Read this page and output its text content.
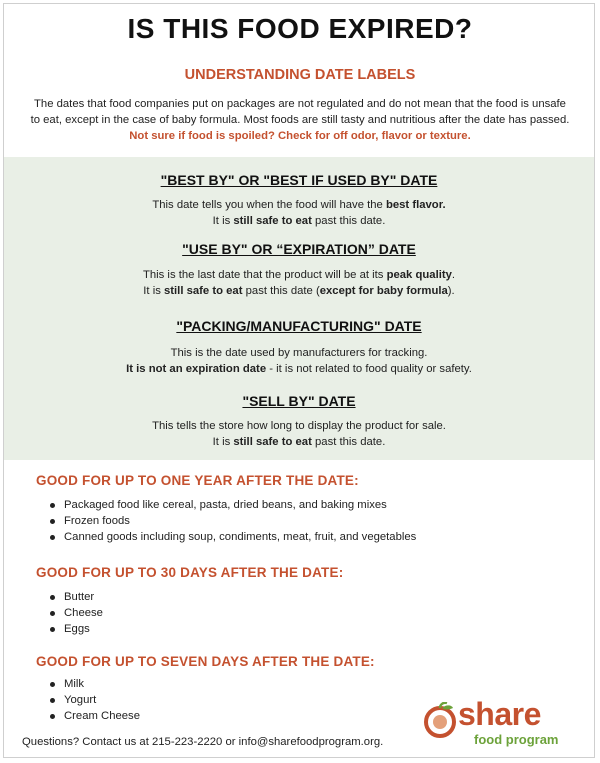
IS THIS FOOD EXPIRED?
UNDERSTANDING DATE LABELS
The dates that food companies put on packages are not regulated and do not mean that the food is unsafe to eat, except in the case of baby formula. Most foods are still tasty and nutritious after the date has passed. Not sure if food is spoiled? Check for off odor, flavor or texture.
"BEST BY" OR "BEST IF USED BY" DATE
This date tells you when the food will have the best flavor.
It is still safe to eat past this date.
"USE BY" OR “EXPIRATION” DATE
This is the last date that the product will be at its peak quality.
It is still safe to eat past this date (except for baby formula).
"PACKING/MANUFACTURING" DATE
This is the date used by manufacturers for tracking.
It is not an expiration date - it is not related to food quality or safety.
"SELL BY" DATE
This tells the store how long to display the product for sale.
It is still safe to eat past this date.
GOOD FOR UP TO ONE YEAR AFTER THE DATE:
Packaged food like cereal, pasta, dried beans, and baking mixes
Frozen foods
Canned goods including soup, condiments, meat, fruit, and vegetables
GOOD FOR UP TO 30 DAYS AFTER THE DATE:
Butter
Cheese
Eggs
GOOD FOR UP TO SEVEN DAYS AFTER THE DATE:
Milk
Yogurt
Cream Cheese
Questions? Contact us at 215-223-2220 or info@sharefoodprogram.org.
share
food program
